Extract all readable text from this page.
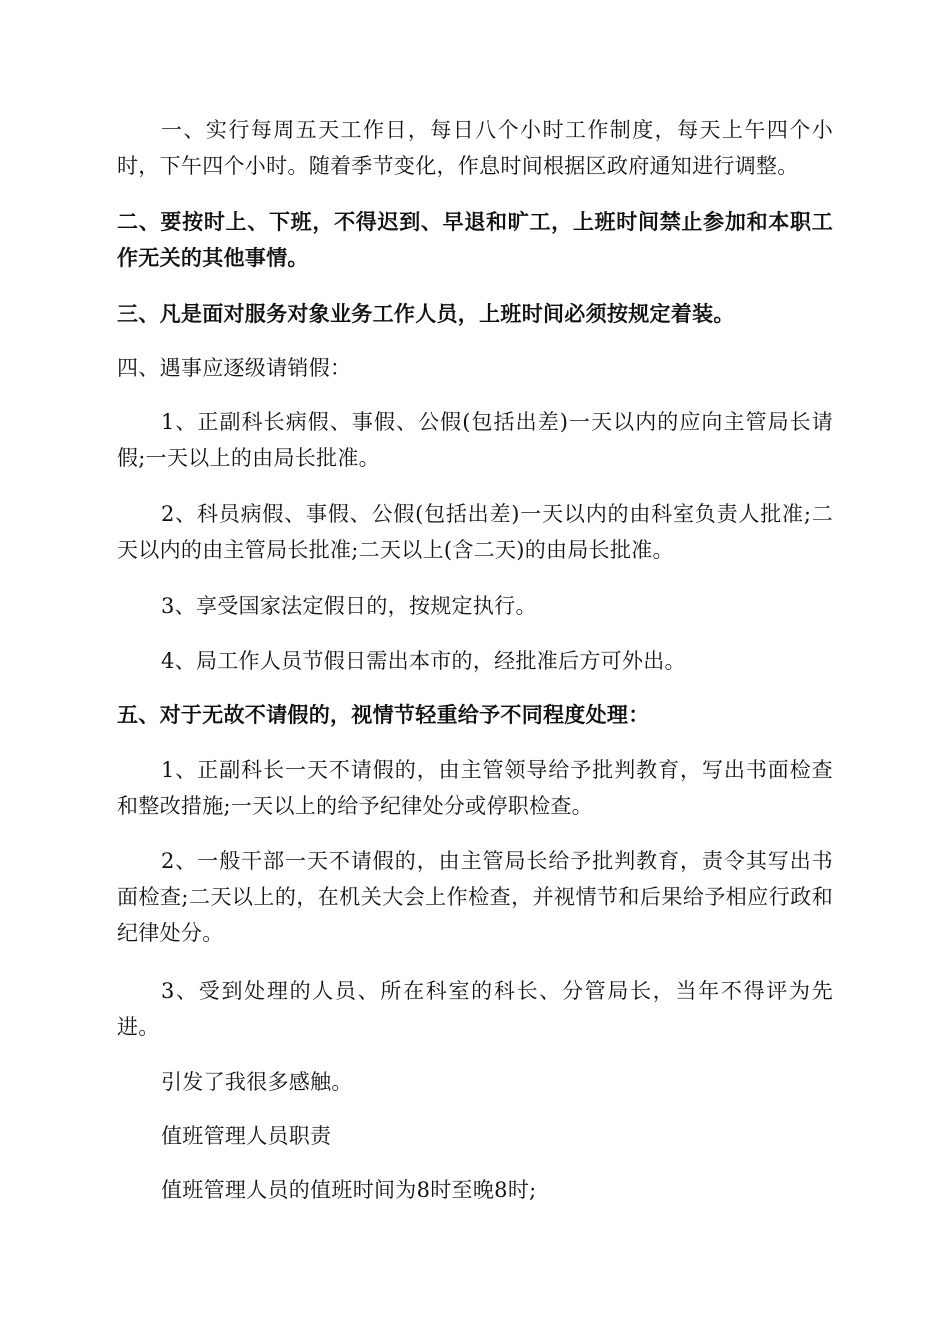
一、实行每周五天工作日，每日八个小时工作制度，每天上午四个小时，下午四个小时。随着季节变化，作息时间根据区政府通知进行调整。

二、要按时上、下班，不得迟到、早退和旷工，上班时间禁止参加和本职工作无关的其他事情。

三、凡是面对服务对象业务工作人员，上班时间必须按规定着装。

四、遇事应逐级请销假：

1、正副科长病假、事假、公假(包括出差)一天以内的应向主管局长请假;一天以上的由局长批准。

2、科员病假、事假、公假(包括出差)一天以内的由科室负责人批准;二天以内的由主管局长批准;二天以上(含二天)的由局长批准。

3、享受国家法定假日的，按规定执行。

4、局工作人员节假日需出本市的，经批准后方可外出。

五、对于无故不请假的，视情节轻重给予不同程度处理：

1、正副科长一天不请假的，由主管领导给予批判教育，写出书面检查和整改措施;一天以上的给予纪律处分或停职检查。

2、一般干部一天不请假的，由主管局长给予批判教育，责令其写出书面检查;二天以上的，在机关大会上作检查，并视情节和后果给予相应行政和纪律处分。

3、受到处理的人员、所在科室的科长、分管局长，当年不得评为先进。

引发了我很多感触。

值班管理人员职责

值班管理人员的值班时间为8时至晚8时;
